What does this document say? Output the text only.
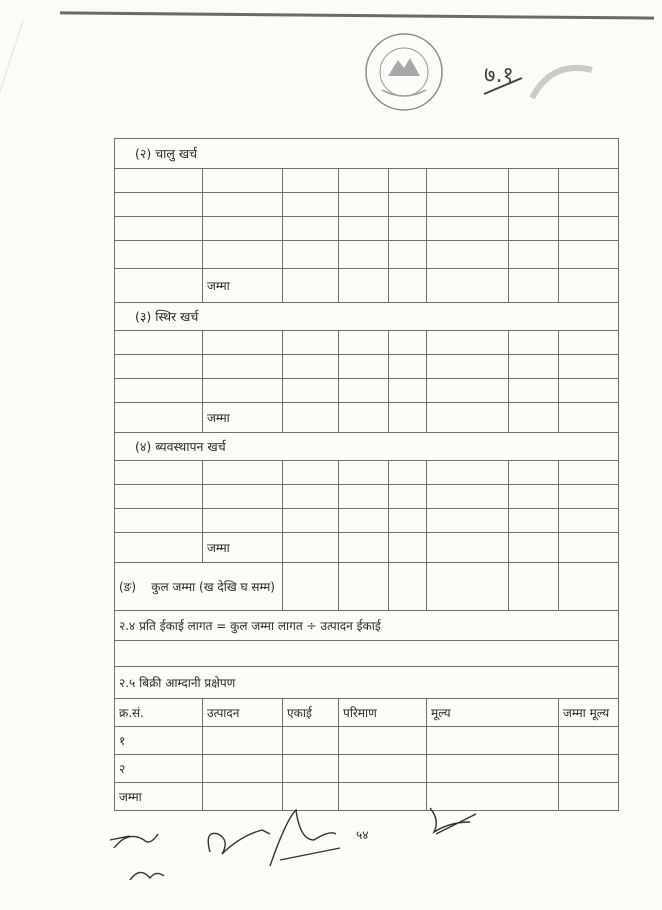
७.१
(२) चालु खर्च							

	जम्मा						
(३) स्थिर खर्च							

	जम्मा						
(४) ब्यवस्थापन खर्च							

	जम्मा						
(ङ) कुल जम्मा (ख देखि घ सम्म)							
२.४ प्रति ईकाई लागत = कुल जम्मा लागत ÷ उत्पादन ईकाई							

२.५ बिक्री आम्दानी प्रक्षेपण							
क्र.सं.	उत्पादन	एकाई	परिमाण		मूल्य		जम्मा मूल्य
१							
२							
जम्मा							
५४
